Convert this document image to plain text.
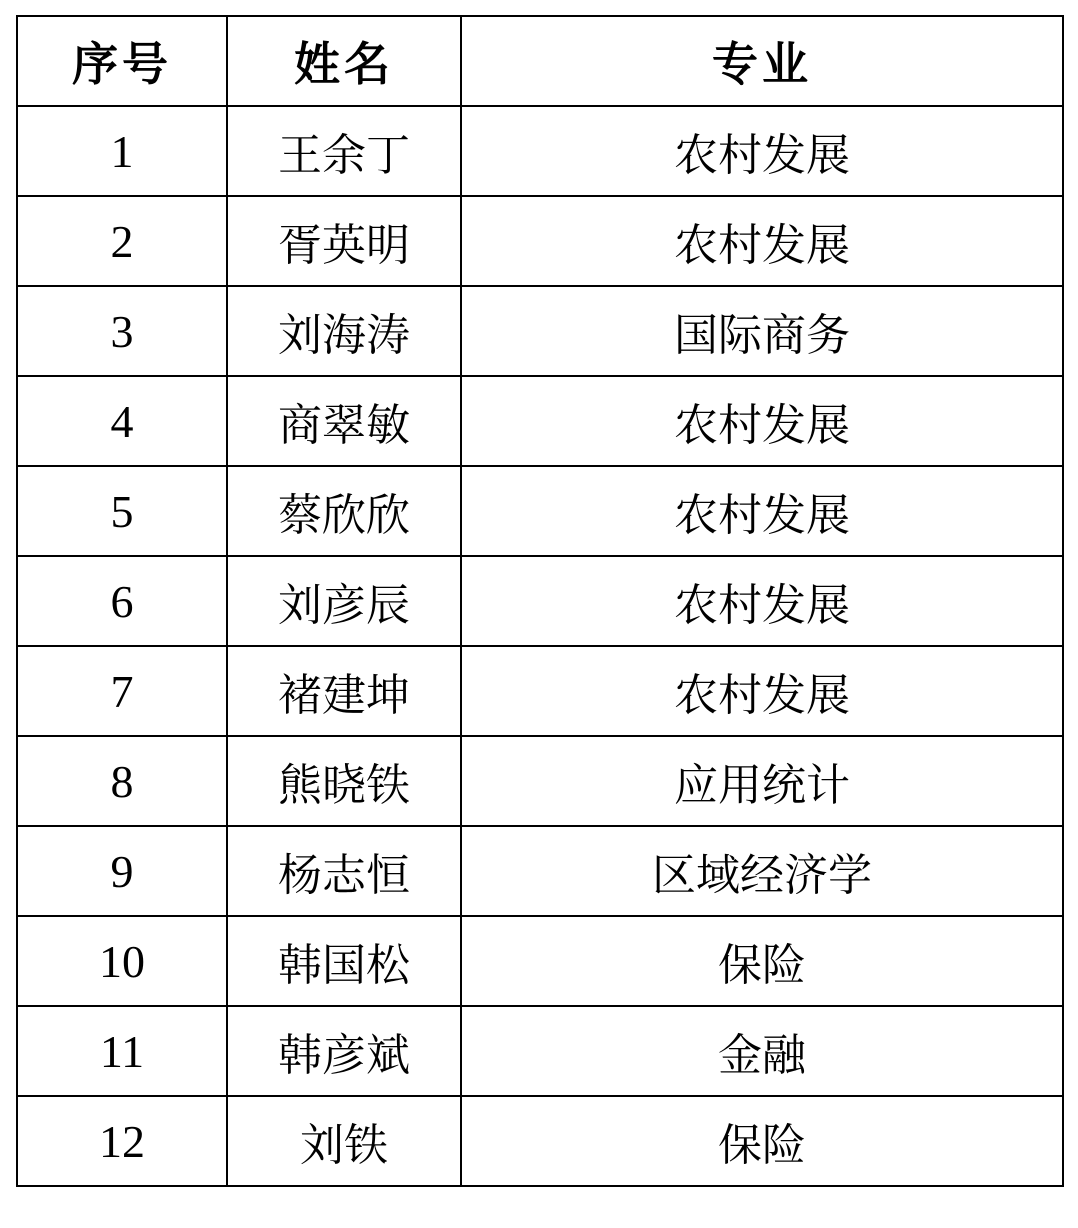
序号	姓名	专业
1	王余丁	农村发展
2	胥英明	农村发展
3	刘海涛	国际商务
4	商翠敏	农村发展
5	蔡欣欣	农村发展
6	刘彦辰	农村发展
7	褚建坤	农村发展
8	熊晓铁	应用统计
9	杨志恒	区域经济学
10	韩国松	保险
11	韩彦斌	金融
12	刘铁	保险
